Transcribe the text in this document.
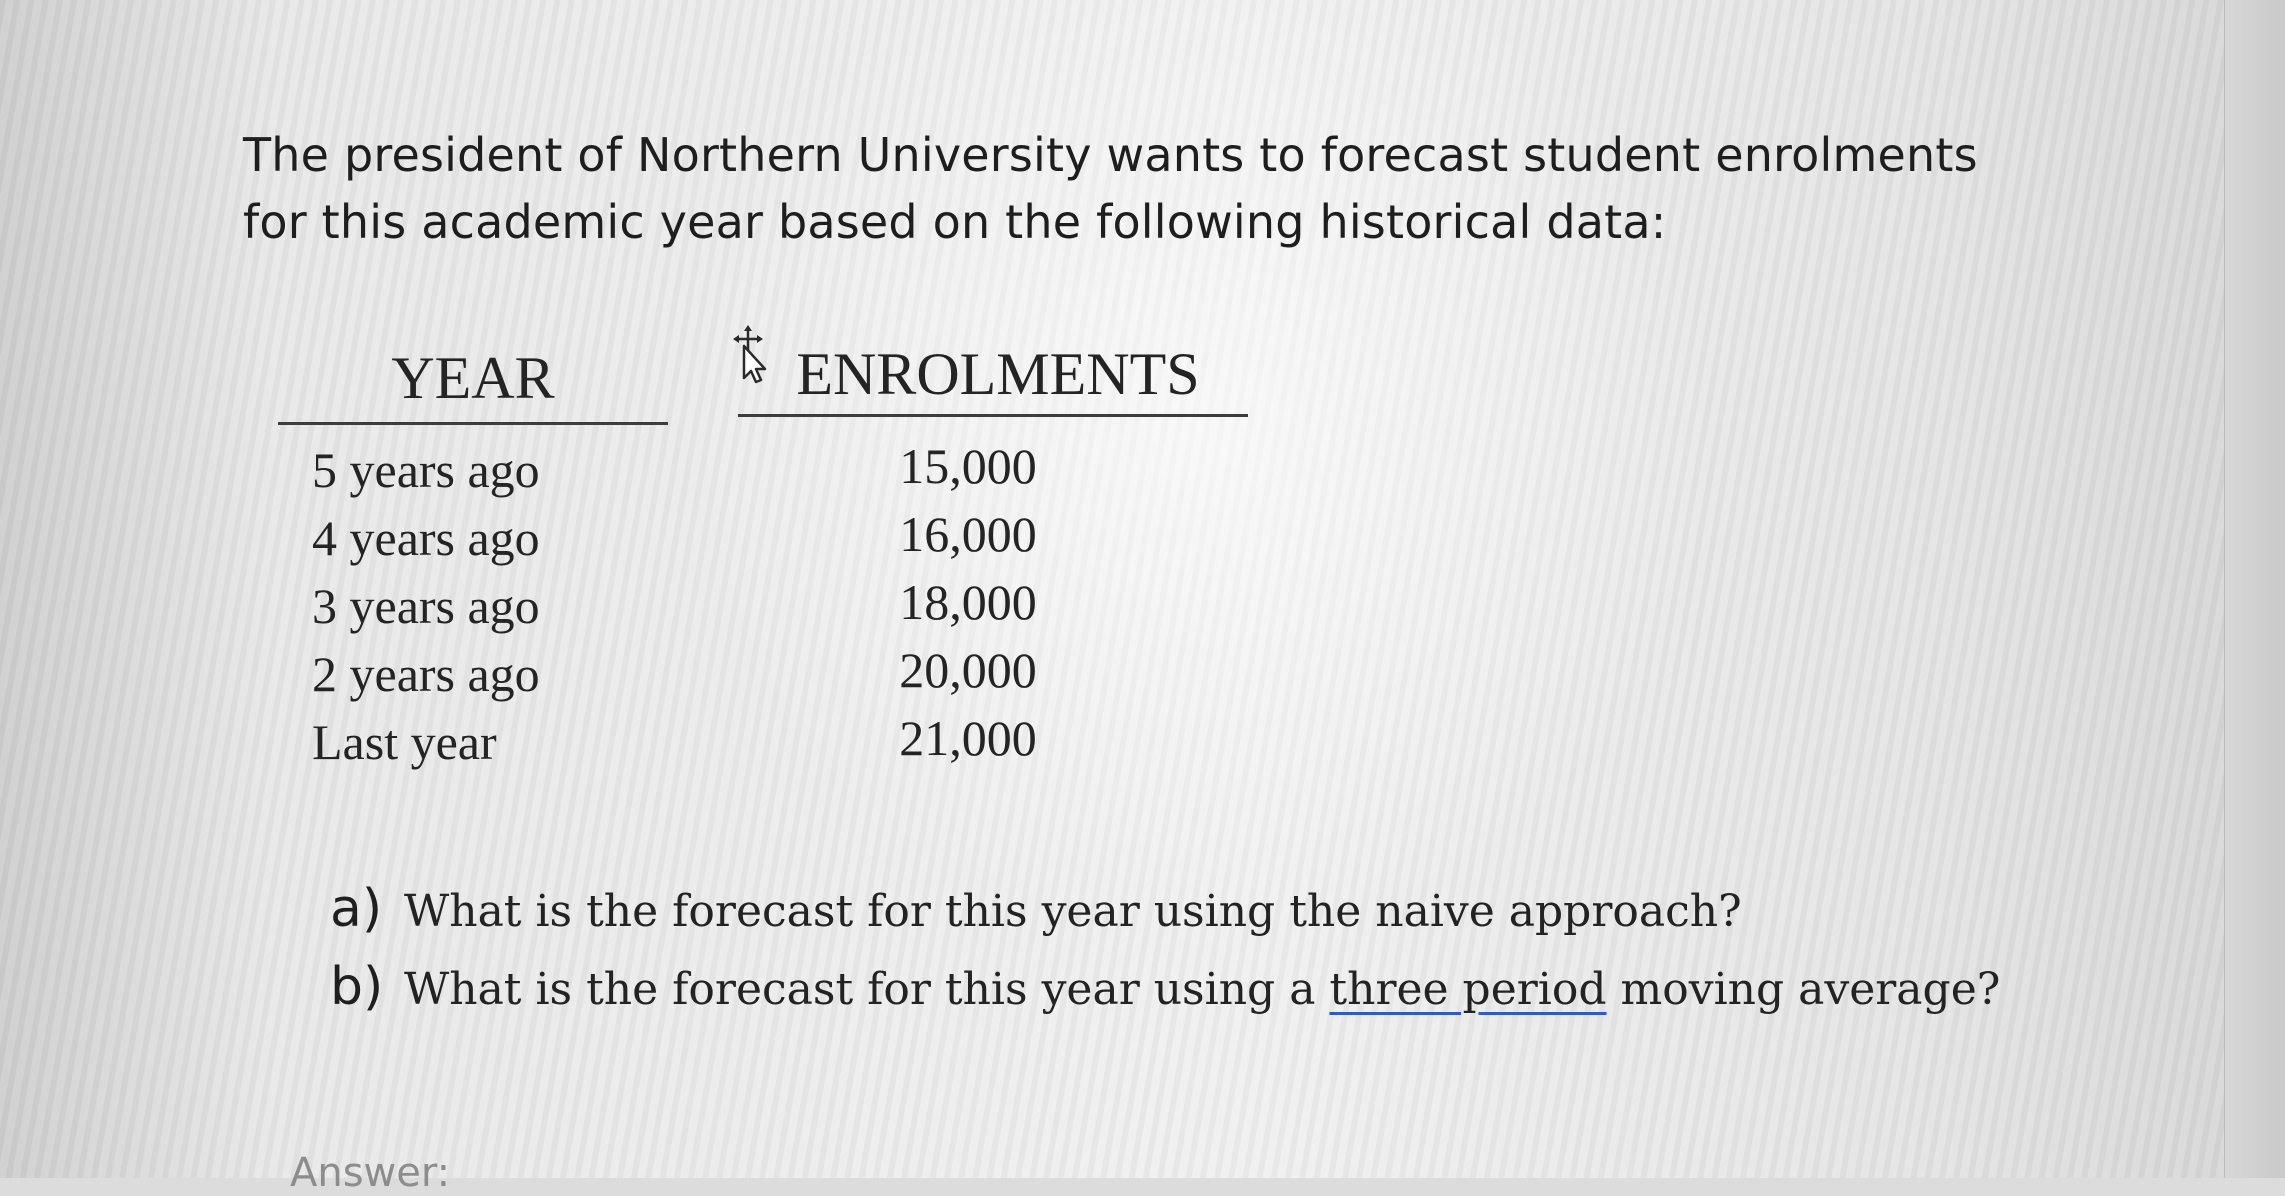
The president of Northern University wants to forecast student enrolments for this academic year based on the following historical data:

YEAR	ENROLMENTS
5 years ago	15,000
4 years ago	16,000
3 years ago	18,000
2 years ago	20,000
Last year	21,000
a) What is the forecast for this year using the naive approach?
b) What is the forecast for this year using a three period moving average?
Answer:
